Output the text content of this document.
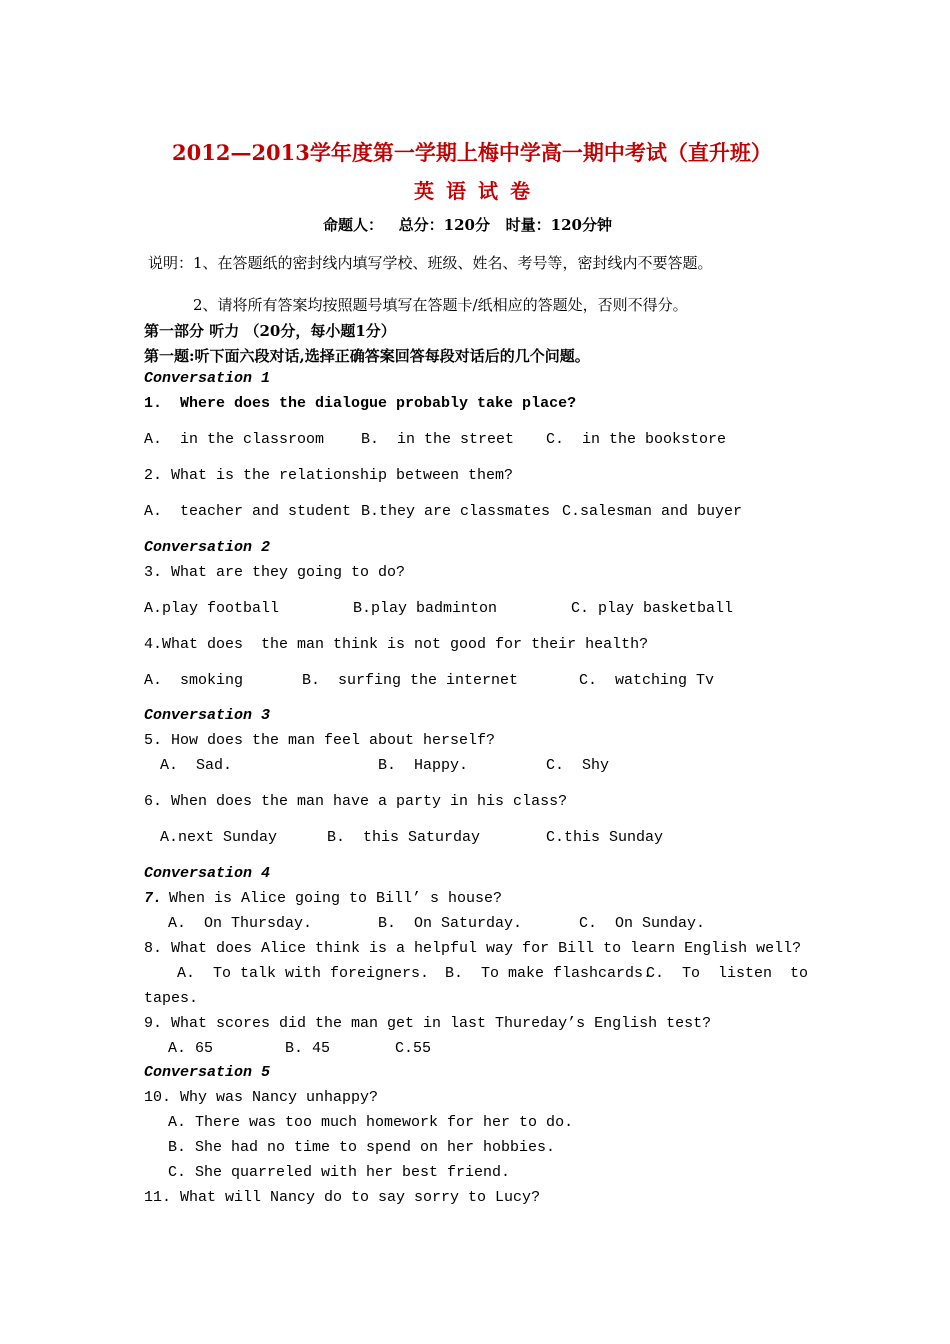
2012—2013学年度第一学期上梅中学高一期中考试（直升班）
英语试卷
命题人：   总分：120分   时量：120分钟
说明：1、在答题纸的密封线内填写学校、班级、姓名、考号等，密封线内不要答题。
2、请将所有答案均按照题号填写在答题卡/纸相应的答题处，否则不得分。
第一部分 听力 （20分，每小题1分）
第一题:听下面六段对话,选择正确答案回答每段对话后的几个问题。
Conversation 1
1.  Where does the dialogue probably take place?
A.  in the classroom B.  in the street C.  in the bookstore
2. What is the relationship between them?
A.  teacher and student B.they are classmates C.salesman and buyer
Conversation 2
3. What are they going to do?
A.play football	B.play badminton	C. play basketball
4.What does  the man think is not good for their health?
A.  smoking	B.  surfing the internet	C.  watching Tv
Conversation 3
5. How does the man feel about herself?
A.  Sad.	B.  Happy.	C.  Shy
6. When does the man have a party in his class?
A.next Sunday	B.  this Saturday	C.this Sunday
Conversation 4
7.
When is Alice going to Bill’ s house?
A.  On Thursday.	B.  On Saturday.	C.  On Sunday.
8. What does Alice think is a helpful way for Bill to learn English well?
A.  To talk with foreigners. B.  To make flashcards.
C.  To  listen  to
tapes.
9. What scores did the man get in last Thureday’s English test?
A. 65	B. 45	C.55
Conversation 5
10. Why was Nancy unhappy?
A. There was too much homework for her to do.
B. She had no time to spend on her hobbies.
C. She quarreled with her best friend.
11. What will Nancy do to say sorry to Lucy?
